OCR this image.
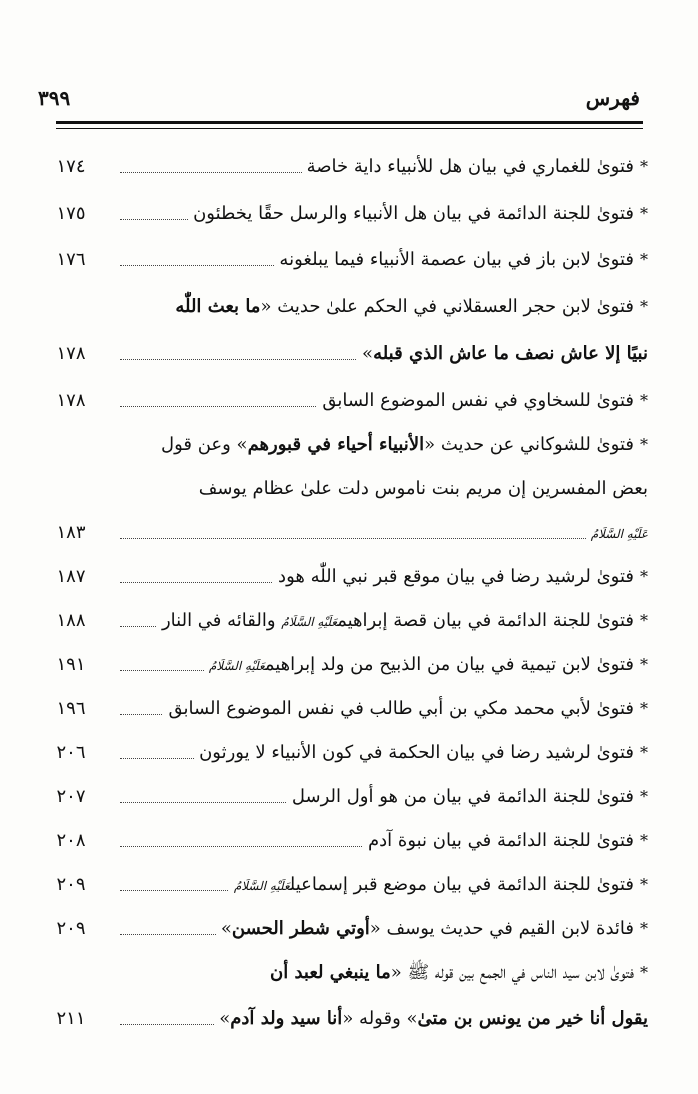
فهرس
٣٩٩
*فتوىٰ للغماري في بيان هل للأنبياء داية خاصة
١٧٤
*فتوىٰ للجنة الدائمة في بيان هل الأنبياء والرسل حقًا يخطئون
١٧٥
*فتوىٰ لابن باز في بيان عصمة الأنبياء فيما يبلغونه
١٧٦
*فتوىٰ لابن حجر العسقلاني في الحكم علىٰ حديث «ما بعث اللّٰه
نبيًا إلا عاش نصف ما عاش الذي قبله»
١٧٨
*فتوىٰ للسخاوي في نفس الموضوع السابق
١٧٨
*فتوىٰ للشوكاني عن حديث «الأنبياء أحياء في قبورهم» وعن قول
بعض المفسرين إن مريم بنت ناموس دلت علىٰ عظام يوسف
عَلَيْهِ السَّلَامُ
١٨٣
*فتوىٰ لرشيد رضا في بيان موقع قبر نبي اللّٰه هود
١٨٧
*فتوىٰ للجنة الدائمة في بيان قصة إبراهيمعَلَيْهِ السَّلَامُ والقائه في النار
١٨٨
*فتوىٰ لابن تيمية في بيان من الذبيح من ولد إبراهيمعَلَيْهِ السَّلَامُ
١٩١
*فتوىٰ لأبي محمد مكي بن أبي طالب في نفس الموضوع السابق
١٩٦
*فتوىٰ لرشيد رضا في بيان الحكمة في كون الأنبياء لا يورثون
٢٠٦
*فتوىٰ للجنة الدائمة في بيان من هو أول الرسل
٢٠٧
*فتوىٰ للجنة الدائمة في بيان نبوة آدم
٢٠٨
*فتوىٰ للجنة الدائمة في بيان موضع قبر إسماعيلعَلَيْهِ السَّلَامُ
٢٠٩
*فائدة لابن القيم في حديث يوسف «أوتي شطر الحسن»
٢٠٩
*فتوىٰ لابن سيد الناس في الجمع بين قوله ﷺ «ما ينبغي لعبد أن
يقول أنا خير من يونس بن متىٰ» وقوله «أنا سيد ولد آدم»
٢١١
